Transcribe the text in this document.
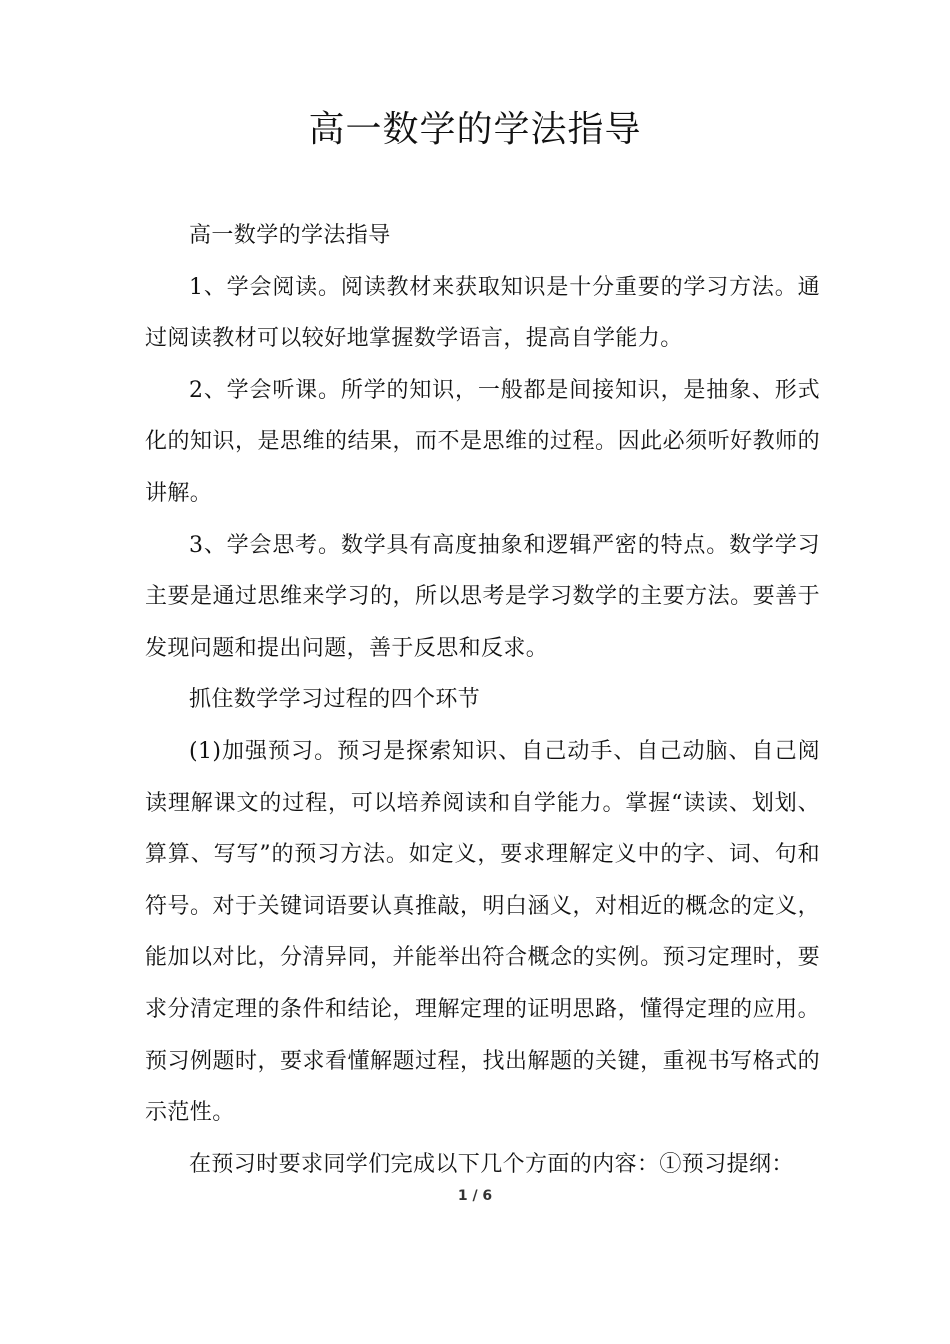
高一数学的学法指导

高一数学的学法指导

1、学会阅读。阅读教材来获取知识是十分重要的学习方法。通过阅读教材可以较好地掌握数学语言，提高自学能力。

2、学会听课。所学的知识，一般都是间接知识，是抽象、形式化的知识，是思维的结果，而不是思维的过程。因此必须听好教师的讲解。

3、学会思考。数学具有高度抽象和逻辑严密的特点。数学学习主要是通过思维来学习的，所以思考是学习数学的主要方法。要善于发现问题和提出问题，善于反思和反求。

抓住数学学习过程的四个环节

(1)加强预习。预习是探索知识、自己动手、自己动脑、自己阅读理解课文的过程，可以培养阅读和自学能力。掌握“读读、划划、算算、写写”的预习方法。如定义，要求理解定义中的字、词、句和符号。对于关键词语要认真推敲，明白涵义，对相近的概念的定义，能加以对比，分清异同，并能举出符合概念的实例。预习定理时，要求分清定理的条件和结论，理解定理的证明思路，懂得定理的应用。预习例题时，要求看懂解题过程，找出解题的关键，重视书写格式的示范性。

在预习时要求同学们完成以下几个方面的内容：①预习提纲：

1 / 6
